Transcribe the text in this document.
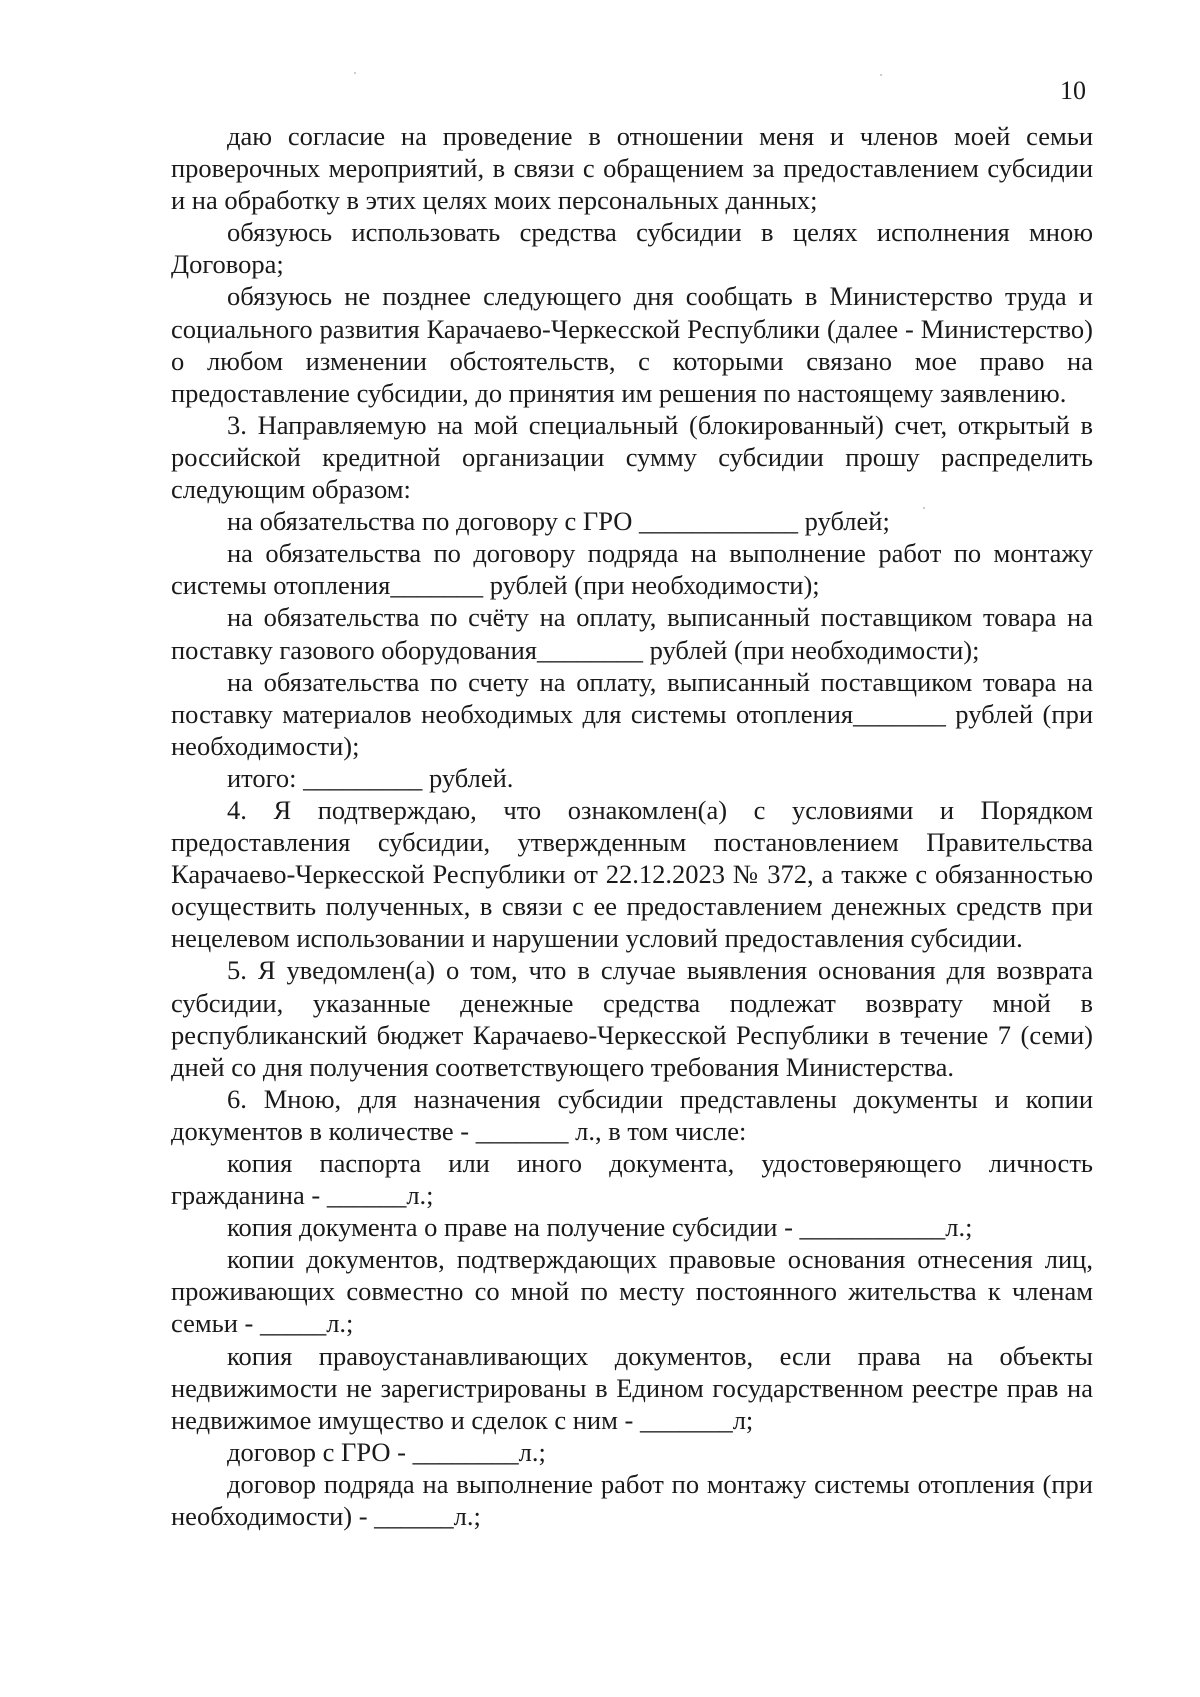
10

даю согласие на проведение в отношении меня и членов моей семьи проверочных мероприятий, в связи с обращением за предоставлением субсидии и на обработку в этих целях моих персональных данных;

обязуюсь использовать средства субсидии в целях исполнения мною Договора;

обязуюсь не позднее следующего дня сообщать в Министерство труда и социального развития Карачаево-Черкесской Республики (далее - Министерство) о любом изменении обстоятельств, с которыми связано мое право на предоставление субсидии, до принятия им решения по настоящему заявлению.

3. Направляемую на мой специальный (блокированный) счет, открытый в российской кредитной организации сумму субсидии прошу распределить следующим образом:

на обязательства по договору с ГРО ____________ рублей;

на обязательства по договору подряда на выполнение работ по монтажу системы отопления_______ рублей (при необходимости);

на обязательства по счёту на оплату, выписанный поставщиком товара на поставку газового оборудования________ рублей (при необходимости);

на обязательства по счету на оплату, выписанный поставщиком товара на поставку материалов необходимых для системы отопления_______ рублей (при необходимости);

итого: _________ рублей.

4. Я подтверждаю, что ознакомлен(а) с условиями и Порядком предоставления субсидии, утвержденным постановлением Правительства Карачаево-Черкесской Республики от 22.12.2023 № 372, а также с обязанностью осуществить полученных, в связи с ее предоставлением денежных средств при нецелевом использовании и нарушении условий предоставления субсидии.

5. Я уведомлен(а) о том, что в случае выявления основания для возврата субсидии, указанные денежные средства подлежат возврату мной в республиканский бюджет Карачаево-Черкесской Республики в течение 7 (семи) дней со дня получения соответствующего требования Министерства.

6. Мною, для назначения субсидии представлены документы и копии документов в количестве - _______ л., в том числе:

копия паспорта или иного документа, удостоверяющего личность гражданина - ______л.;

копия документа о праве на получение субсидии - ___________л.;

копии документов, подтверждающих правовые основания отнесения лиц, проживающих совместно со мной по месту постоянного жительства к членам семьи - _____л.;

копия правоустанавливающих документов, если права на объекты недвижимости не зарегистрированы в Едином государственном реестре прав на недвижимое имущество и сделок с ним - _______л;

договор с ГРО - ________л.;

договор подряда на выполнение работ по монтажу системы отопления (при необходимости) - ______л.;
